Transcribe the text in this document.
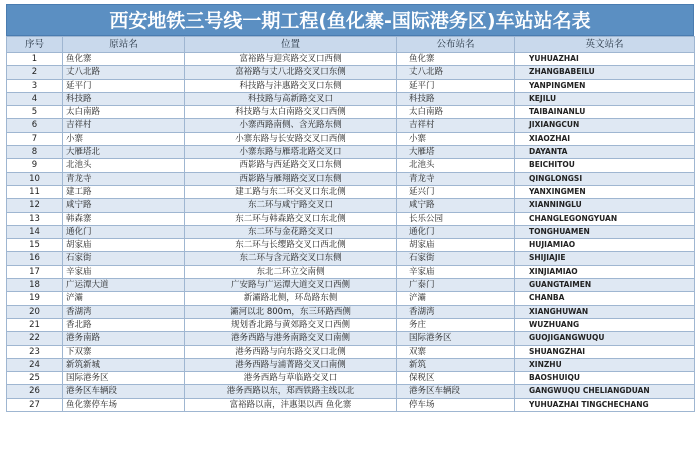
西安地铁三号线一期工程(鱼化寨-国际港务区)车站站名表
序号	原站名	位置	公布站名	英文站名
1	鱼化寨	富裕路与迎宾路交叉口西侧	鱼化寨	YUHUAZHAI
2	丈八北路	富裕路与丈八北路交叉口东侧	丈八北路	ZHANGBABEILU
3	延平门	科技路与沣惠路交叉口东侧	延平门	YANPINGMEN
4	科技路	科技路与高新路交叉口	科技路	KEJILU
5	太白南路	科技路与太白南路交叉口西侧	太白南路	TAIBAINANLU
6	吉祥村	小寨西路南侧、含光路东侧	吉祥村	JIXIANGCUN
7	小寨	小寨东路与长安路交叉口西侧	小寨	XIAOZHAI
8	大雁塔北	小寨东路与雁塔北路交叉口	大雁塔	DAYANTA
9	北池头	西影路与西延路交叉口东侧	北池头	BEICHITOU
10	青龙寺	西影路与雁翔路交叉口东侧	青龙寺	QINGLONGSI
11	建工路	建工路与东二环交叉口东北侧	延兴门	YANXINGMEN
12	咸宁路	东二环与咸宁路交叉口	咸宁路	XIANNINGLU
13	韩森寨	东二环与韩森路交叉口东北侧	长乐公园	CHANGLEGONGYUAN
14	通化门	东二环与金花路交叉口	通化门	TONGHUAMEN
15	胡家庙	东二环与长缨路交叉口西北侧	胡家庙	HUJIAMIAO
16	石家街	东二环与含元路交叉口东侧	石家街	SHIJIAJIE
17	辛家庙	东北二环立交南侧	辛家庙	XINJIAMIAO
18	广运潭大道	广安路与广运潭大道交叉口西侧	广泰门	GUANGTAIMEN
19	浐灞	新灞路北侧，环岛路东侧	浐灞	CHANBA
20	香湖湾	灞河以北 800m，东三环路西侧	香湖湾	XIANGHUWAN
21	香北路	规划香北路与黄郊路交叉口西侧	务庄	WUZHUANG
22	港务南路	港务西路与港务南路交叉口南侧	国际港务区	GUOJIGANGWUQU
23	下双寨	港务西路与向东路交叉口北侧	双寨	SHUANGZHAI
24	新筑新城	港务西路与浦菁路交叉口南侧	新筑	XINZHU
25	国际港务区	港务西路与草临路交叉口	保税区	BAOSHUIQU
26	港务区车辆段	港务西路以东，郑西铁路主线以北	港务区车辆段	GANGWUQU CHELIANGDUAN
27	鱼化寨停车场	富裕路以南，沣惠渠以西 鱼化寨	停车场	YUHUAZHAI TINGCHECHANG
